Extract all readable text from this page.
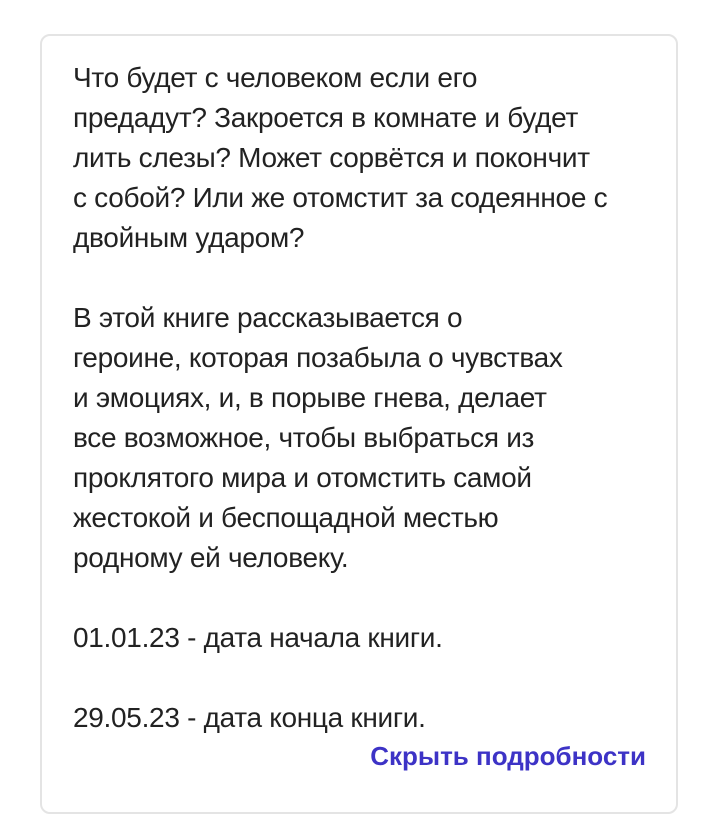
Что будет с человеком если его
предадут? Закроется в комнате и будет
лить слезы? Может сорвётся и покончит
с собой? Или же отомстит за содеянное с
двойным ударом?
В этой книге рассказывается о
героине, которая позабыла о чувствах
и эмоциях, и, в порыве гнева, делает
все возможное, чтобы выбраться из
проклятого мира и отомстить самой
жестокой и беспощадной местью
родному ей человеку.
01.01.23 - дата начала книги.
29.05.23 - дата конца книги.
Скрыть подробности
